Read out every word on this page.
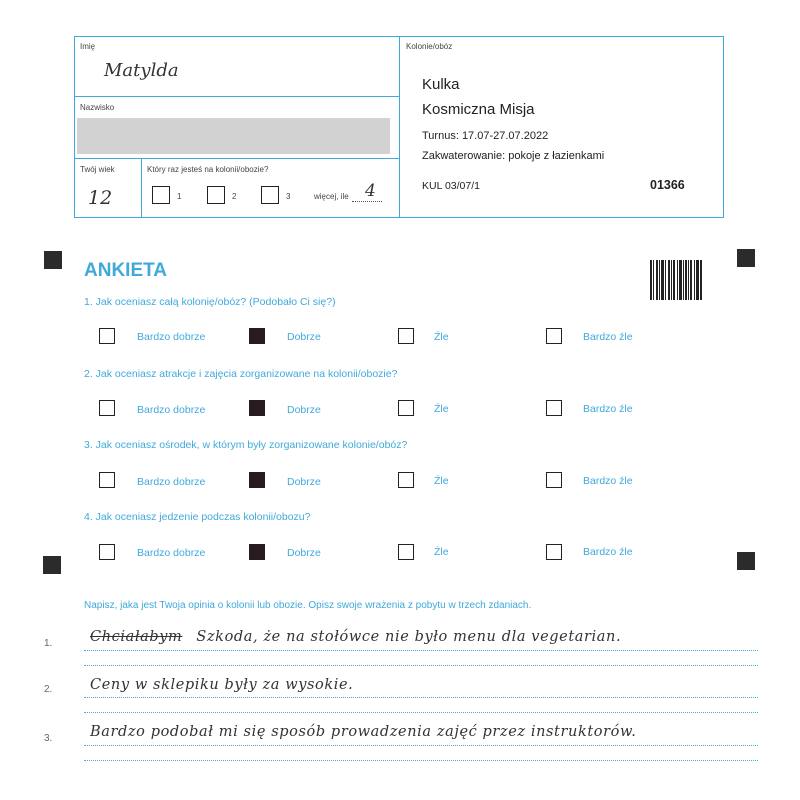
Imię
Matylda
Nazwisko
Twój wiek
12
Który raz jesteś na kolonii/obozie?
1	2	3	więcej, ile 4
Kolonie/obóz
Kulka
Kosmiczna Misja
Turnus: 17.07-27.07.2022
Zakwaterowanie: pokoje z łazienkami
KUL 03/07/1	01366
ANKIETA
1. Jak oceniasz całą kolonię/obóz? (Podobało Ci się?)
Bardzo dobrze	Dobrze	Źle	Bardzo źle
2. Jak oceniasz atrakcje i zajęcia zorganizowane na kolonii/obozie?
Bardzo dobrze	Dobrze	Źle	Bardzo źle
3. Jak oceniasz ośrodek, w którym były zorganizowane kolonie/obóz?
Bardzo dobrze	Dobrze	Źle	Bardzo źle
4. Jak oceniasz jedzenie podczas kolonii/obozu?
Bardzo dobrze	Dobrze	Źle	Bardzo źle
Napisz, jaka jest Twoja opinia o kolonii lub obozie. Opisz swoje wrażenia z pobytu w trzech zdaniach.
1.	Chciałabym Szkoda, że na stołówce nie było menu dla vegetarian.
2.	Ceny w sklepiku były za wysokie.
3.	Bardzo podobał mi się sposób prowadzenia zajęć przez instruktorów.
